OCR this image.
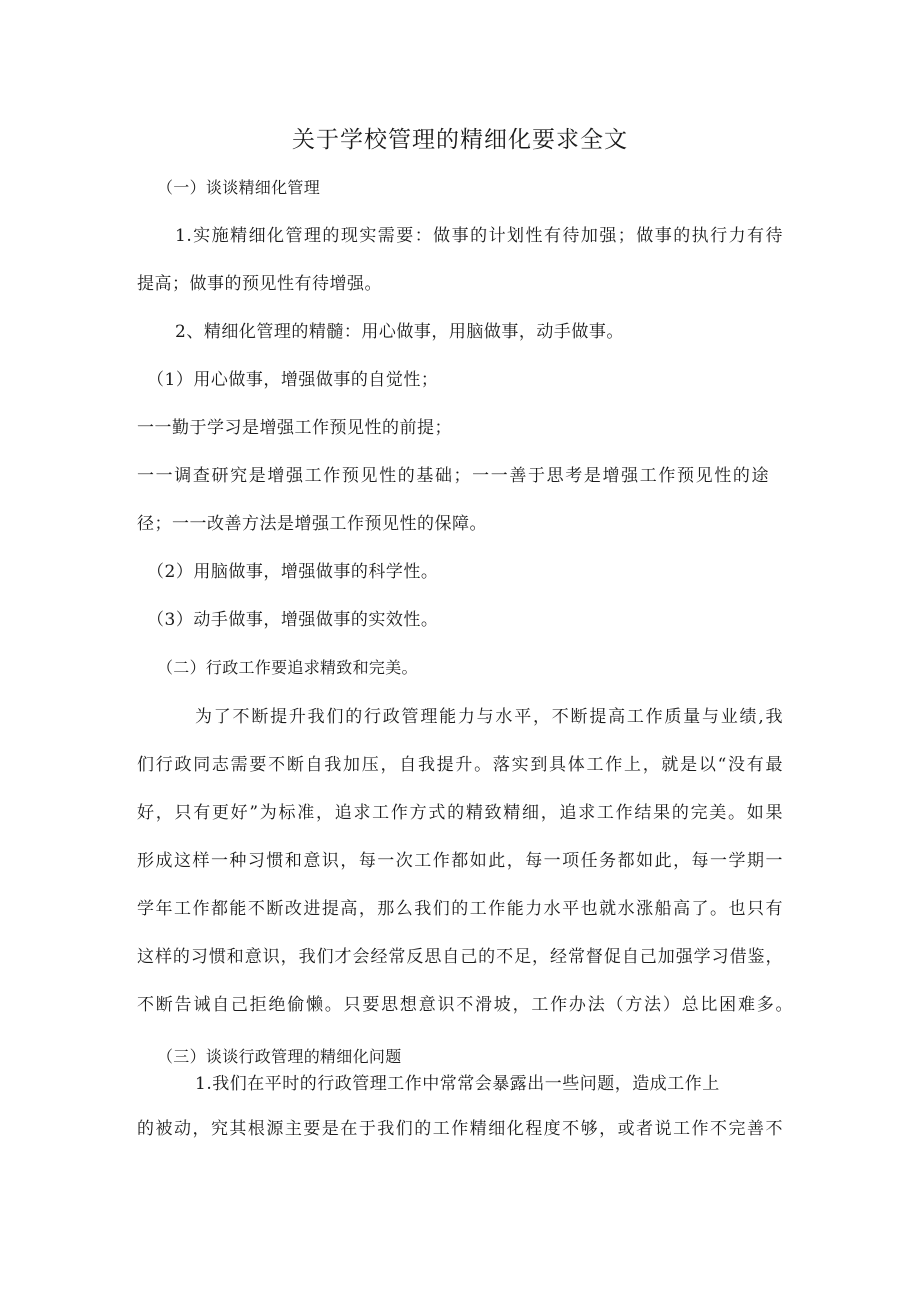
关于学校管理的精细化要求全文
（一）谈谈精细化管理
1.实施精细化管理的现实需要：做事的计划性有待加强；做事的执行力有待
提高；做事的预见性有待增强。
2、精细化管理的精髓：用心做事，用脑做事，动手做事。
（1）用心做事，增强做事的自觉性；
一一勤于学习是增强工作预见性的前提；
一一调查研究是增强工作预见性的基础；一一善于思考是增强工作预见性的途
径；一一改善方法是增强工作预见性的保障。
（2）用脑做事，增强做事的科学性。
（3）动手做事，增强做事的实效性。
（二）行政工作要追求精致和完美。
为了不断提升我们的行政管理能力与水平，不断提高工作质量与业绩,我
们行政同志需要不断自我加压，自我提升。落实到具体工作上，就是以“没有最
好，只有更好”为标准，追求工作方式的精致精细，追求工作结果的完美。如果
形成这样一种习惯和意识，每一次工作都如此，每一项任务都如此，每一学期一
学年工作都能不断改进提高，那么我们的工作能力水平也就水涨船高了。也只有
这样的习惯和意识，我们才会经常反思自己的不足，经常督促自己加强学习借鉴，
不断告诫自己拒绝偷懒。只要思想意识不滑坡，工作办法（方法）总比困难多。
（三）谈谈行政管理的精细化问题
1.我们在平时的行政管理工作中常常会暴露出一些问题，造成工作上
的被动，究其根源主要是在于我们的工作精细化程度不够，或者说工作不完善不
